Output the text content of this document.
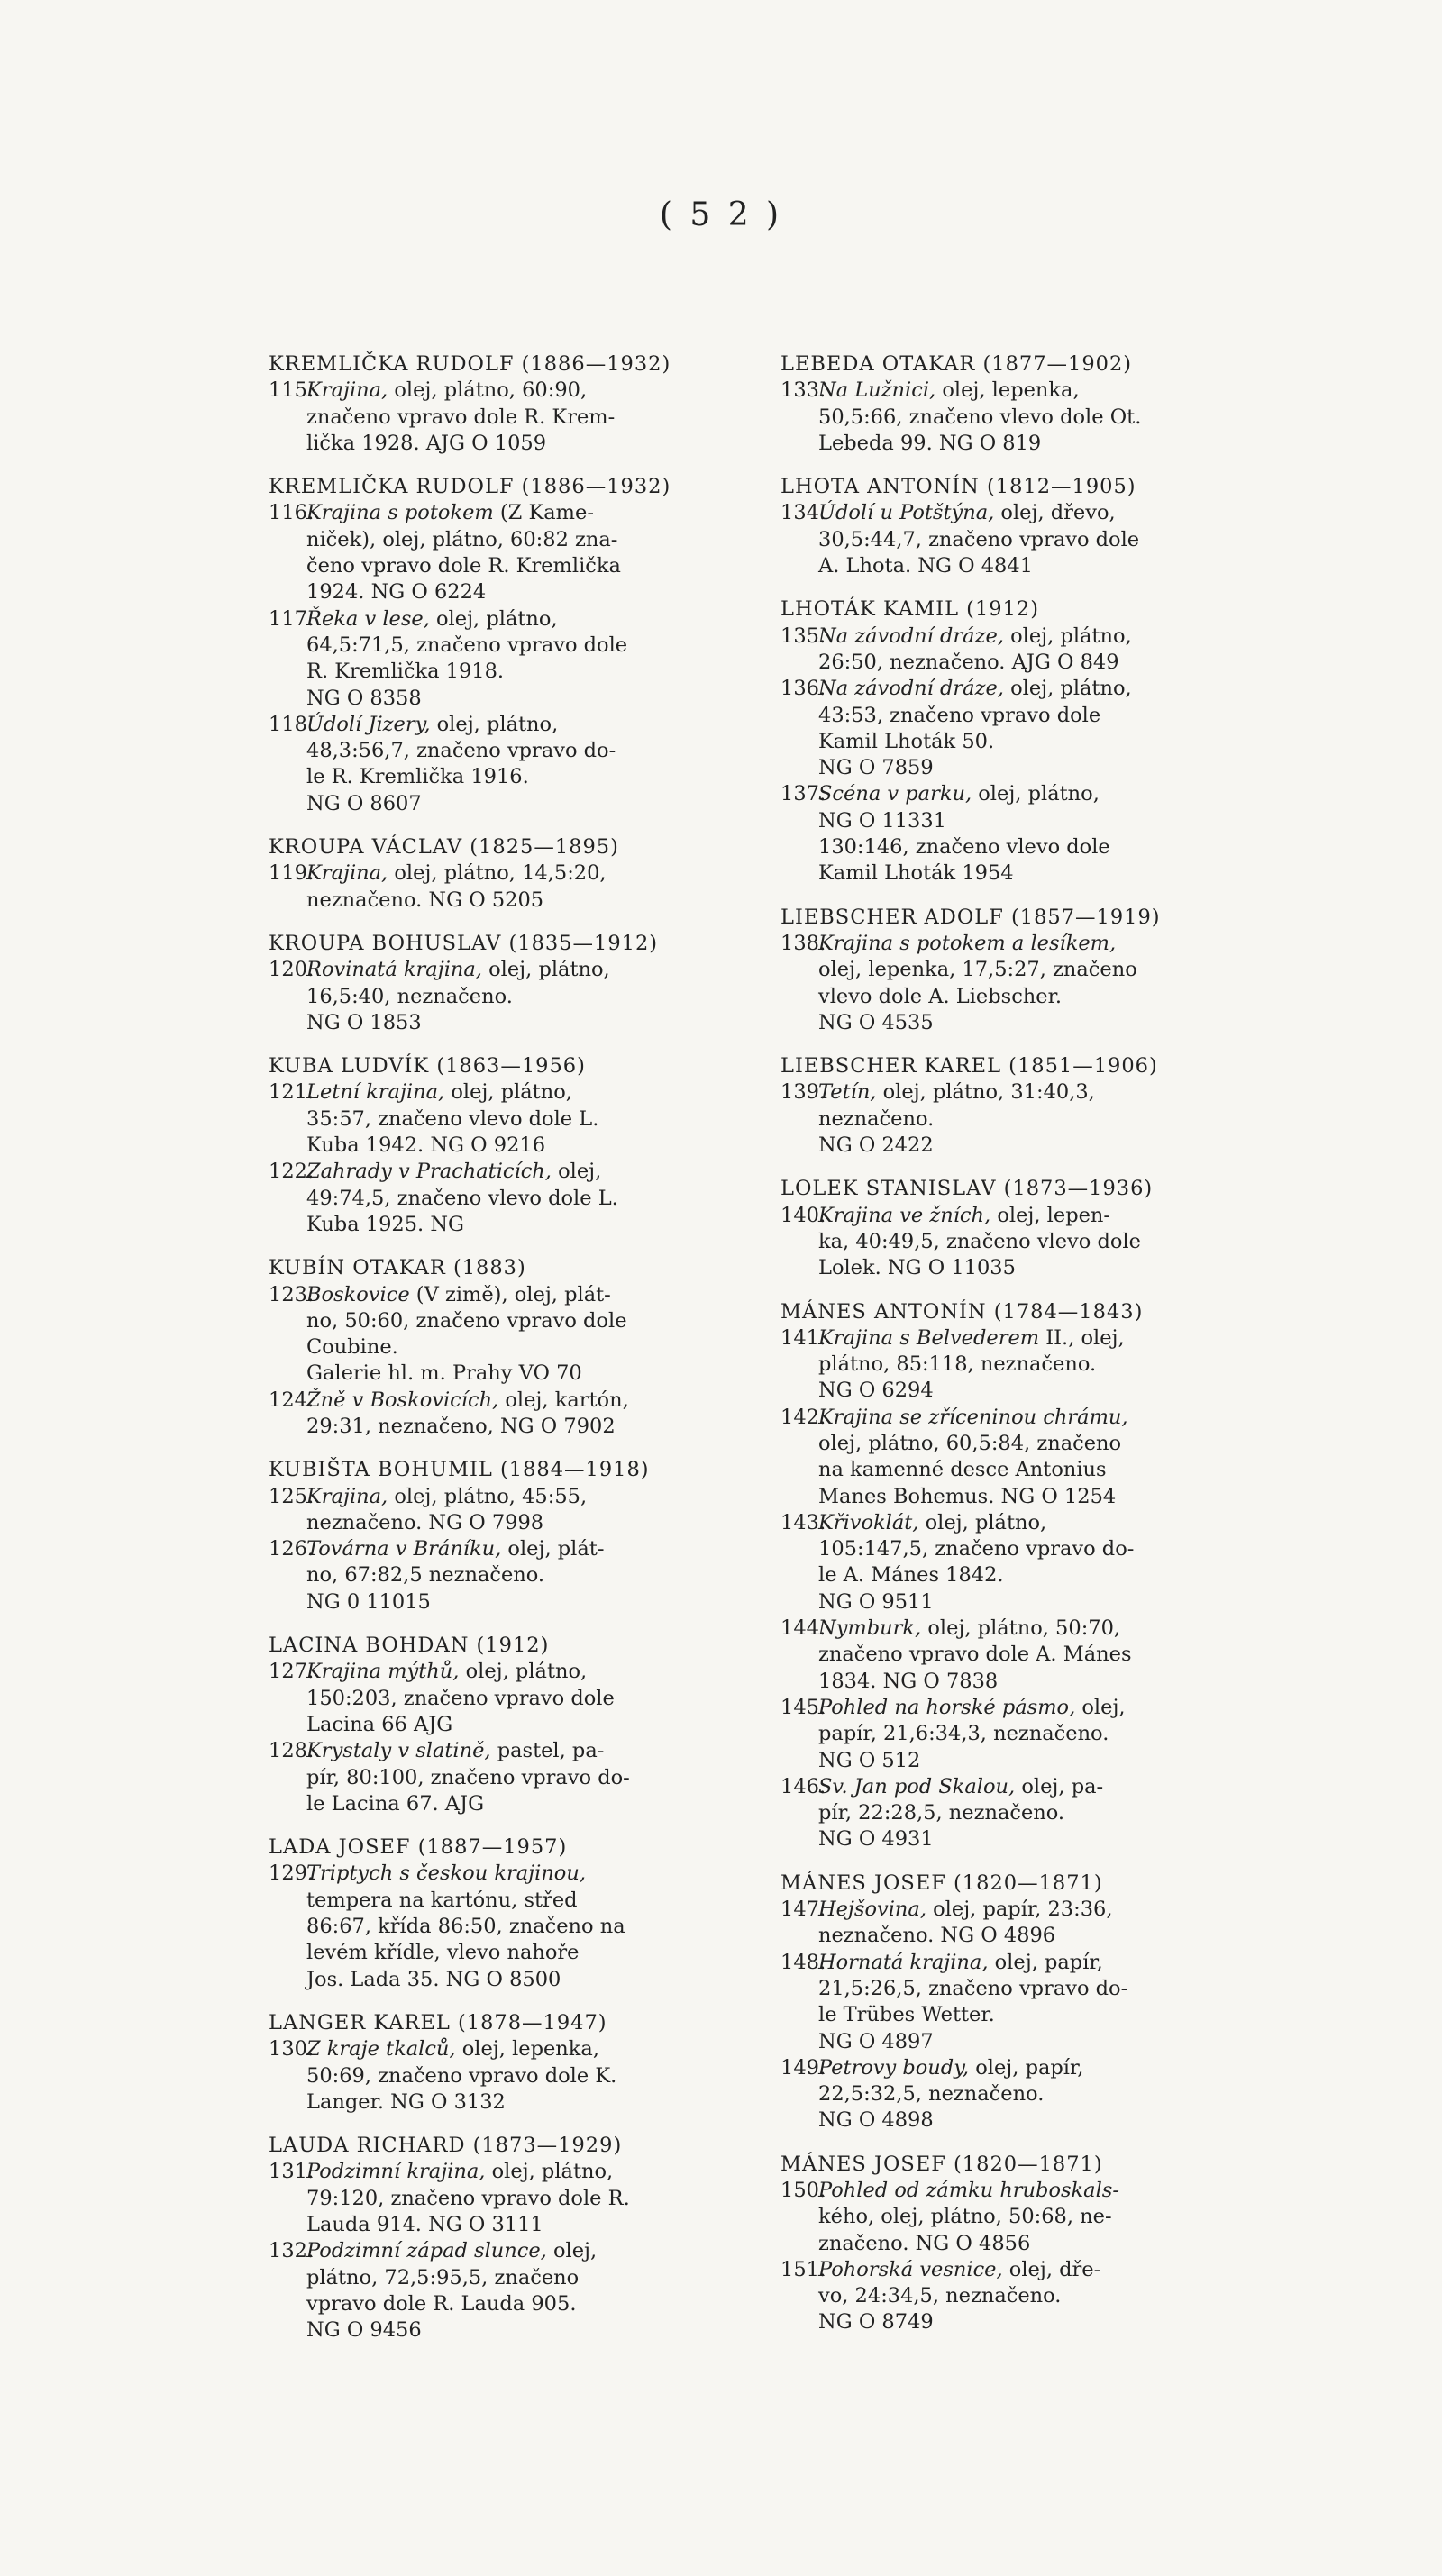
( 5 2 )
KREMLIČKA RUDOLF (1886—1932)
115.
Krajina, olej, plátno, 60:90,
značeno vpravo dole R. Krem-
lička 1928. AJG O 1059
KREMLIČKA RUDOLF (1886—1932)
116.
Krajina s potokem (Z Kame-
niček), olej, plátno, 60:82 zna-
čeno vpravo dole R. Kremlička
1924. NG O 6224
117.
Řeka v lese, olej, plátno,
64,5:71,5, značeno vpravo dole
R. Kremlička 1918.
NG O 8358
118.
Údolí Jizery, olej, plátno,
48,3:56,7, značeno vpravo do-
le R. Kremlička 1916.
NG O 8607
KROUPA VÁCLAV (1825—1895)
119.
Krajina, olej, plátno, 14,5:20,
neznačeno. NG O 5205
KROUPA BOHUSLAV (1835—1912)
120.
Rovinatá krajina, olej, plátno,
16,5:40, neznačeno.
NG O 1853
KUBA LUDVÍK (1863—1956)
121.
Letní krajina, olej, plátno,
35:57, značeno vlevo dole L.
Kuba 1942. NG O 9216
122.
Zahrady v Prachaticích, olej,
49:74,5, značeno vlevo dole L.
Kuba 1925. NG
KUBÍN OTAKAR (1883)
123.
Boskovice (V zimě), olej, plát-
no, 50:60, značeno vpravo dole
Coubine.
Galerie hl. m. Prahy VO 70
124.
Žně v Boskovicích, olej, kartón,
29:31, neznačeno, NG O 7902
KUBIŠTA BOHUMIL (1884—1918)
125.
Krajina, olej, plátno, 45:55,
neznačeno. NG O 7998
126.
Továrna v Bráníku, olej, plát-
no, 67:82,5 neznačeno.
NG 0 11015
LACINA BOHDAN (1912)
127.
Krajina mýthů, olej, plátno,
150:203, značeno vpravo dole
Lacina 66 AJG
128.
Krystaly v slatině, pastel, pa-
pír, 80:100, značeno vpravo do-
le Lacina 67. AJG
LADA JOSEF (1887—1957)
129.
Triptych s českou krajinou,
tempera na kartónu, střed
86:67, křída 86:50, značeno na
levém křídle, vlevo nahoře
Jos. Lada 35. NG O 8500
LANGER KAREL (1878—1947)
130.
Z kraje tkalců, olej, lepenka,
50:69, značeno vpravo dole K.
Langer. NG O 3132
LAUDA RICHARD (1873—1929)
131.
Podzimní krajina, olej, plátno,
79:120, značeno vpravo dole R.
Lauda 914. NG O 3111
132.
Podzimní západ slunce, olej,
plátno, 72,5:95,5, značeno
vpravo dole R. Lauda 905.
NG O 9456
LEBEDA OTAKAR (1877—1902)
133.
Na Lužnici, olej, lepenka,
50,5:66, značeno vlevo dole Ot.
Lebeda 99. NG O 819
LHOTA ANTONÍN (1812—1905)
134.
Údolí u Potštýna, olej, dřevo,
30,5:44,7, značeno vpravo dole
A. Lhota. NG O 4841
LHOTÁK KAMIL (1912)
135.
Na závodní dráze, olej, plátno,
26:50, neznačeno. AJG O 849
136.
Na závodní dráze, olej, plátno,
43:53, značeno vpravo dole
Kamil Lhoták 50.
NG O 7859
137.
Scéna v parku, olej, plátno,
NG O 11331
130:146, značeno vlevo dole
Kamil Lhoták 1954
LIEBSCHER ADOLF (1857—1919)
138.
Krajina s potokem a lesíkem,
olej, lepenka, 17,5:27, značeno
vlevo dole A. Liebscher.
NG O 4535
LIEBSCHER KAREL (1851—1906)
139.
Tetín, olej, plátno, 31:40,3,
neznačeno.
NG O 2422
LOLEK STANISLAV (1873—1936)
140.
Krajina ve žních, olej, lepen-
ka, 40:49,5, značeno vlevo dole
Lolek. NG O 11035
MÁNES ANTONÍN (1784—1843)
141.
Krajina s Belvederem II., olej,
plátno, 85:118, neznačeno.
NG O 6294
142.
Krajina se zříceninou chrámu,
olej, plátno, 60,5:84, značeno
na kamenné desce Antonius
Manes Bohemus. NG O 1254
143.
Křivoklát, olej, plátno,
105:147,5, značeno vpravo do-
le A. Mánes 1842.
NG O 9511
144.
Nymburk, olej, plátno, 50:70,
značeno vpravo dole A. Mánes
1834. NG O 7838
145.
Pohled na horské pásmo, olej,
papír, 21,6:34,3, neznačeno.
NG O 512
146.
Sv. Jan pod Skalou, olej, pa-
pír, 22:28,5, neznačeno.
NG O 4931
MÁNES JOSEF (1820—1871)
147.
Hejšovina, olej, papír, 23:36,
neznačeno. NG O 4896
148.
Hornatá krajina, olej, papír,
21,5:26,5, značeno vpravo do-
le Trübes Wetter.
NG O 4897
149.
Petrovy boudy, olej, papír,
22,5:32,5, neznačeno.
NG O 4898
MÁNES JOSEF (1820—1871)
150.
Pohled od zámku hruboskals-
kého, olej, plátno, 50:68, ne-
značeno. NG O 4856
151.
Pohorská vesnice, olej, dře-
vo, 24:34,5, neznačeno.
NG O 8749
